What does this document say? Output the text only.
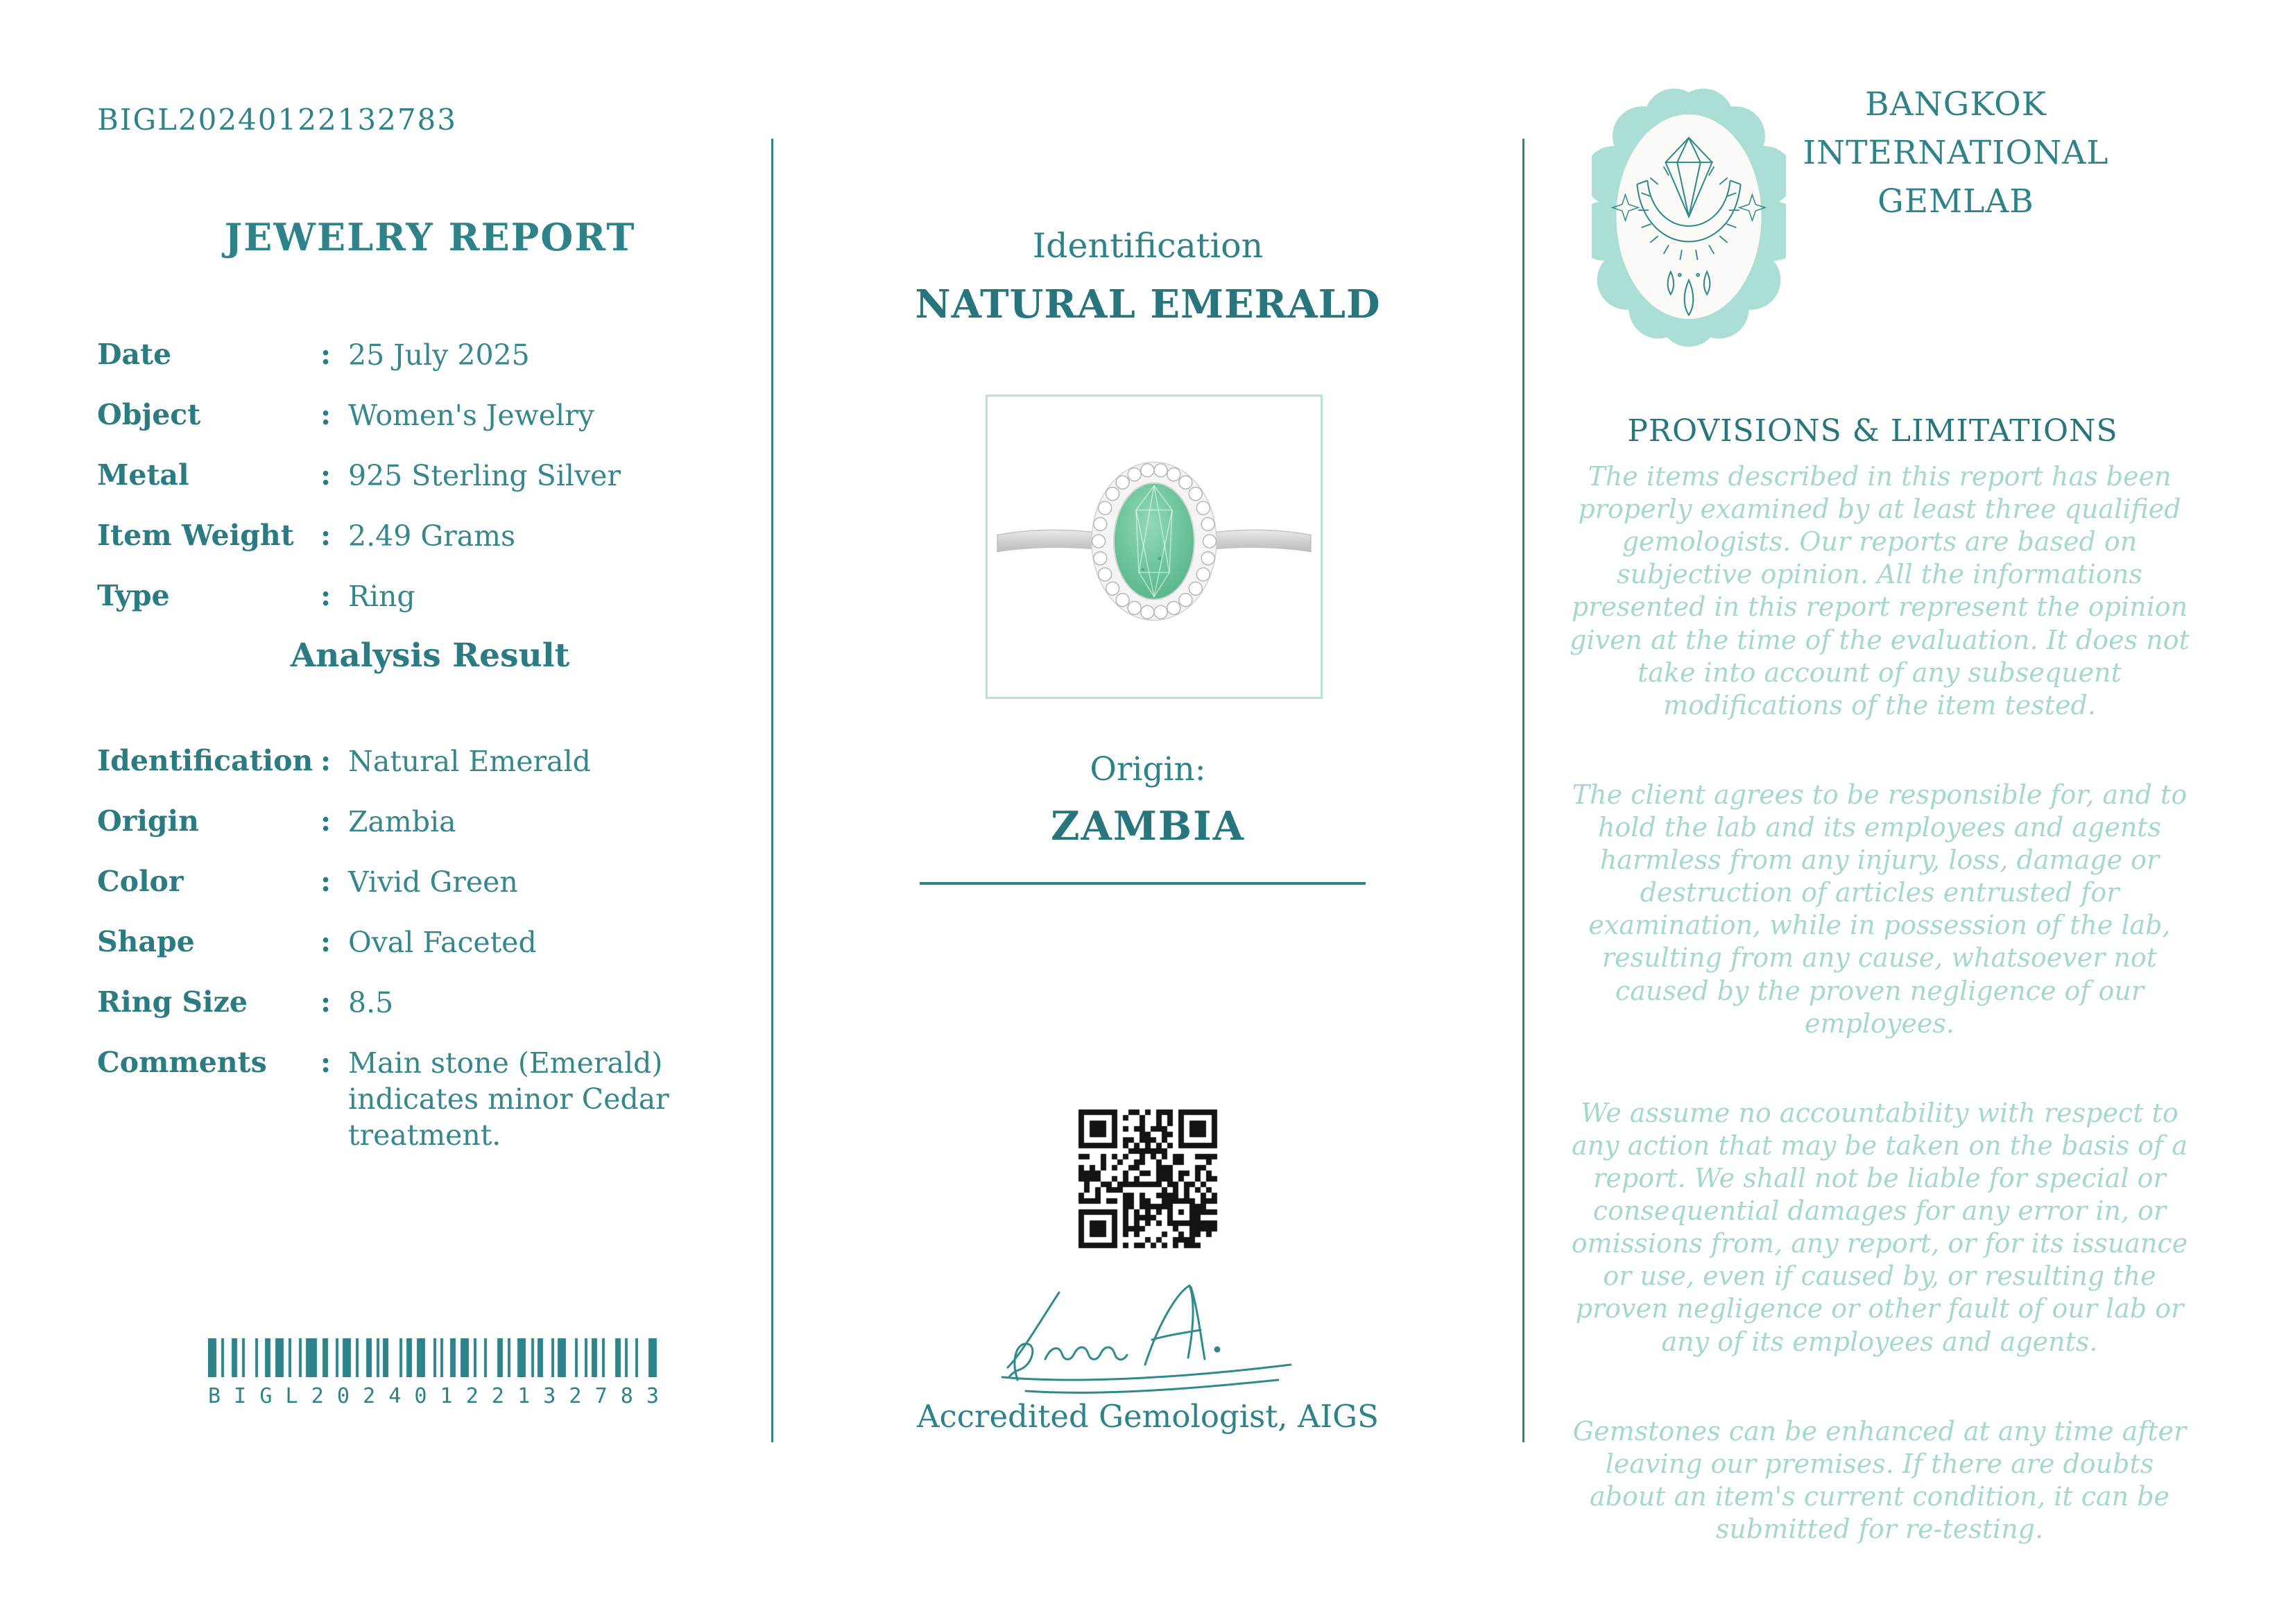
BIGL20240122132783
JEWELRY REPORT
Date	: 25 July 2025
Object	: Women's Jewelry
Metal	: 925 Sterling Silver
Item Weight : 2.49 Grams
Type	: Ring
Analysis Result
Identification : Natural Emerald
Origin	: Zambia
Color	: Vivid Green
Shape	: Oval Faceted
Ring Size	: 8.5
Comments	: Main stone (Emerald) indicates minor Cedar treatment.
B I G L 2 0 2 4 0 1 2 2 1 3 2 7 8 3
Identification
NATURAL EMERALD
Origin:
ZAMBIA
Accredited Gemologist, AIGS
BANGKOK
INTERNATIONAL
GEMLAB
PROVISIONS & LIMITATIONS

The items described in this report has been properly examined by at least three qualified gemologists. Our reports are based on subjective opinion. All the informations presented in this report represent the opinion given at the time of the evaluation. It does not take into account of any subsequent modifications of the item tested.

The client agrees to be responsible for, and to hold the lab and its employees and agents harmless from any injury, loss, damage or destruction of articles entrusted for examination, while in possession of the lab, resulting from any cause, whatsoever not caused by the proven negligence of our employees.

We assume no accountability with respect to any action that may be taken on the basis of a report. We shall not be liable for special or consequential damages for any error in, or omissions from, any report, or for its issuance or use, even if caused by, or resulting the proven negligence or other fault of our lab or any of its employees and agents.

Gemstones can be enhanced at any time after leaving our premises. If there are doubts about an item's current condition, it can be submitted for re-testing.
